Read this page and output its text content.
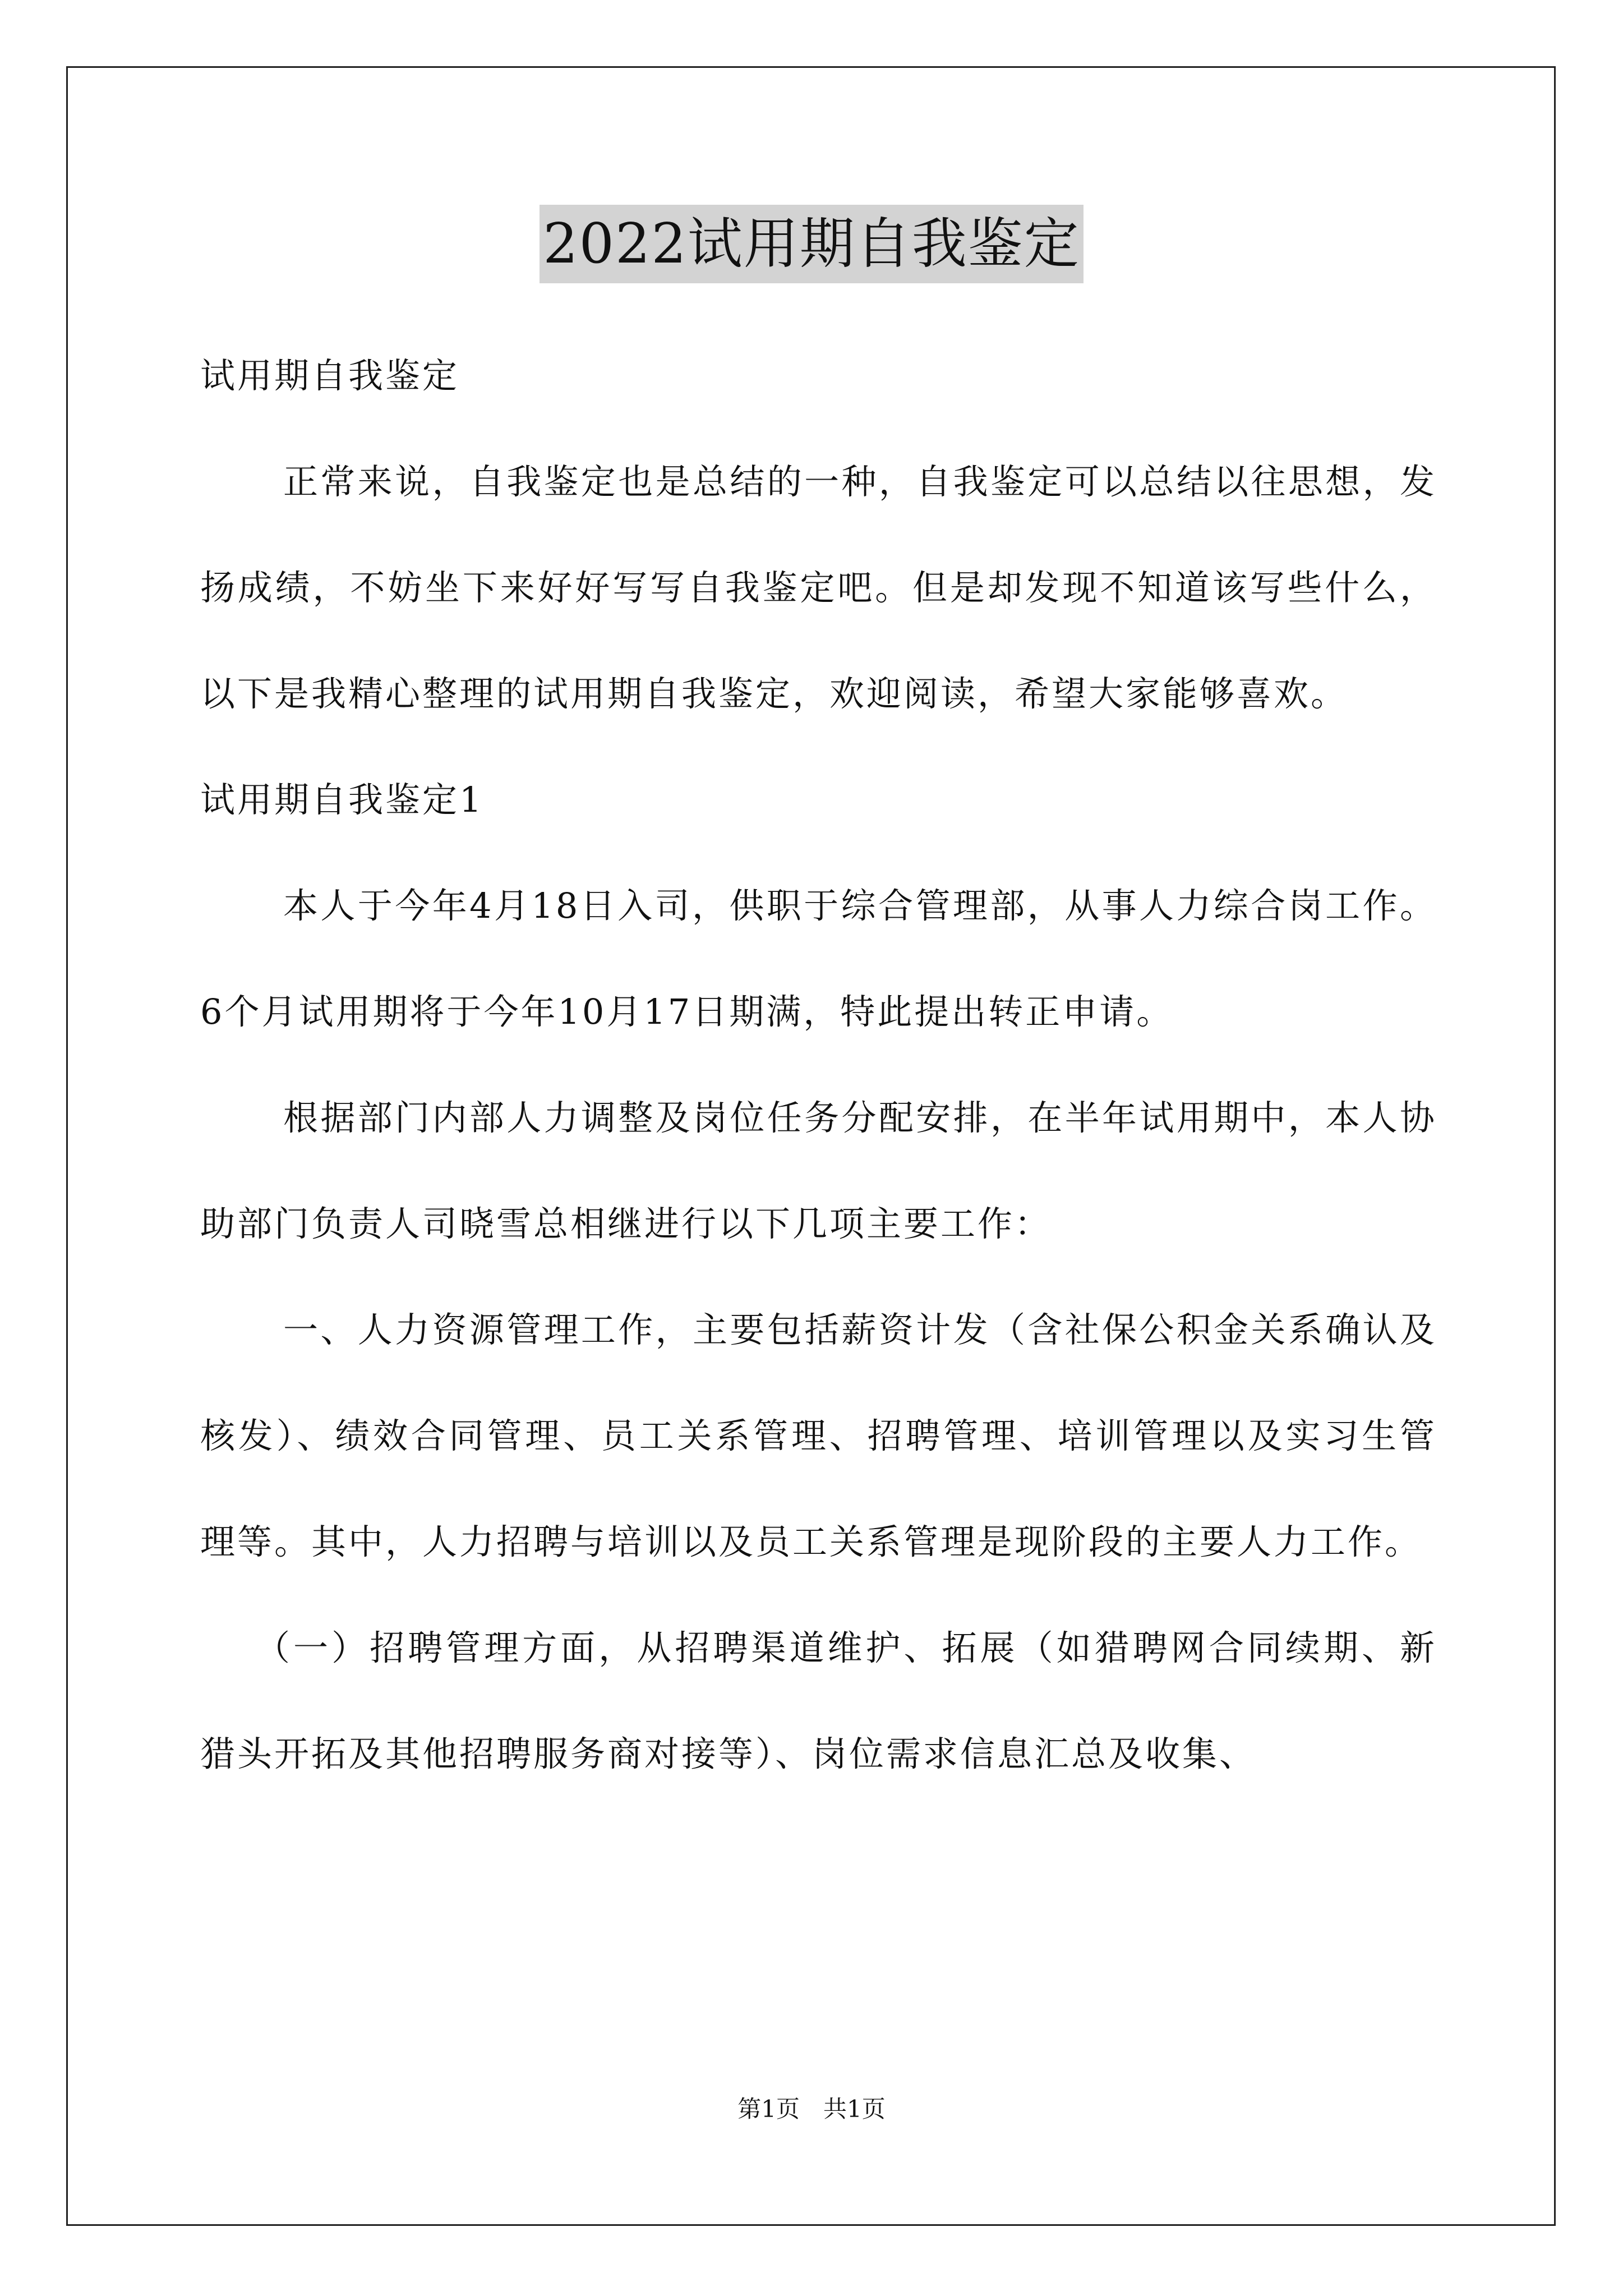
2022试用期自我鉴定

试用期自我鉴定

正常来说，自我鉴定也是总结的一种，自我鉴定可以总结以往思想，发扬成绩，不妨坐下来好好写写自我鉴定吧。但是却发现不知道该写些什么，以下是我精心整理的试用期自我鉴定，欢迎阅读，希望大家能够喜欢。

试用期自我鉴定1

本人于今年4月18日入司，供职于综合管理部，从事人力综合岗工作。6个月试用期将于今年10月17日期满，特此提出转正申请。

根据部门内部人力调整及岗位任务分配安排，在半年试用期中，本人协助部门负责人司晓雪总相继进行以下几项主要工作：

一、人力资源管理工作，主要包括薪资计发（含社保公积金关系确认及核发）、绩效合同管理、员工关系管理、招聘管理、培训管理以及实习生管理等。其中，人力招聘与培训以及员工关系管理是现阶段的主要人力工作。

（一）招聘管理方面，从招聘渠道维护、拓展（如猎聘网合同续期、新猎头开拓及其他招聘服务商对接等）、岗位需求信息汇总及收集、

第1页 共1页
